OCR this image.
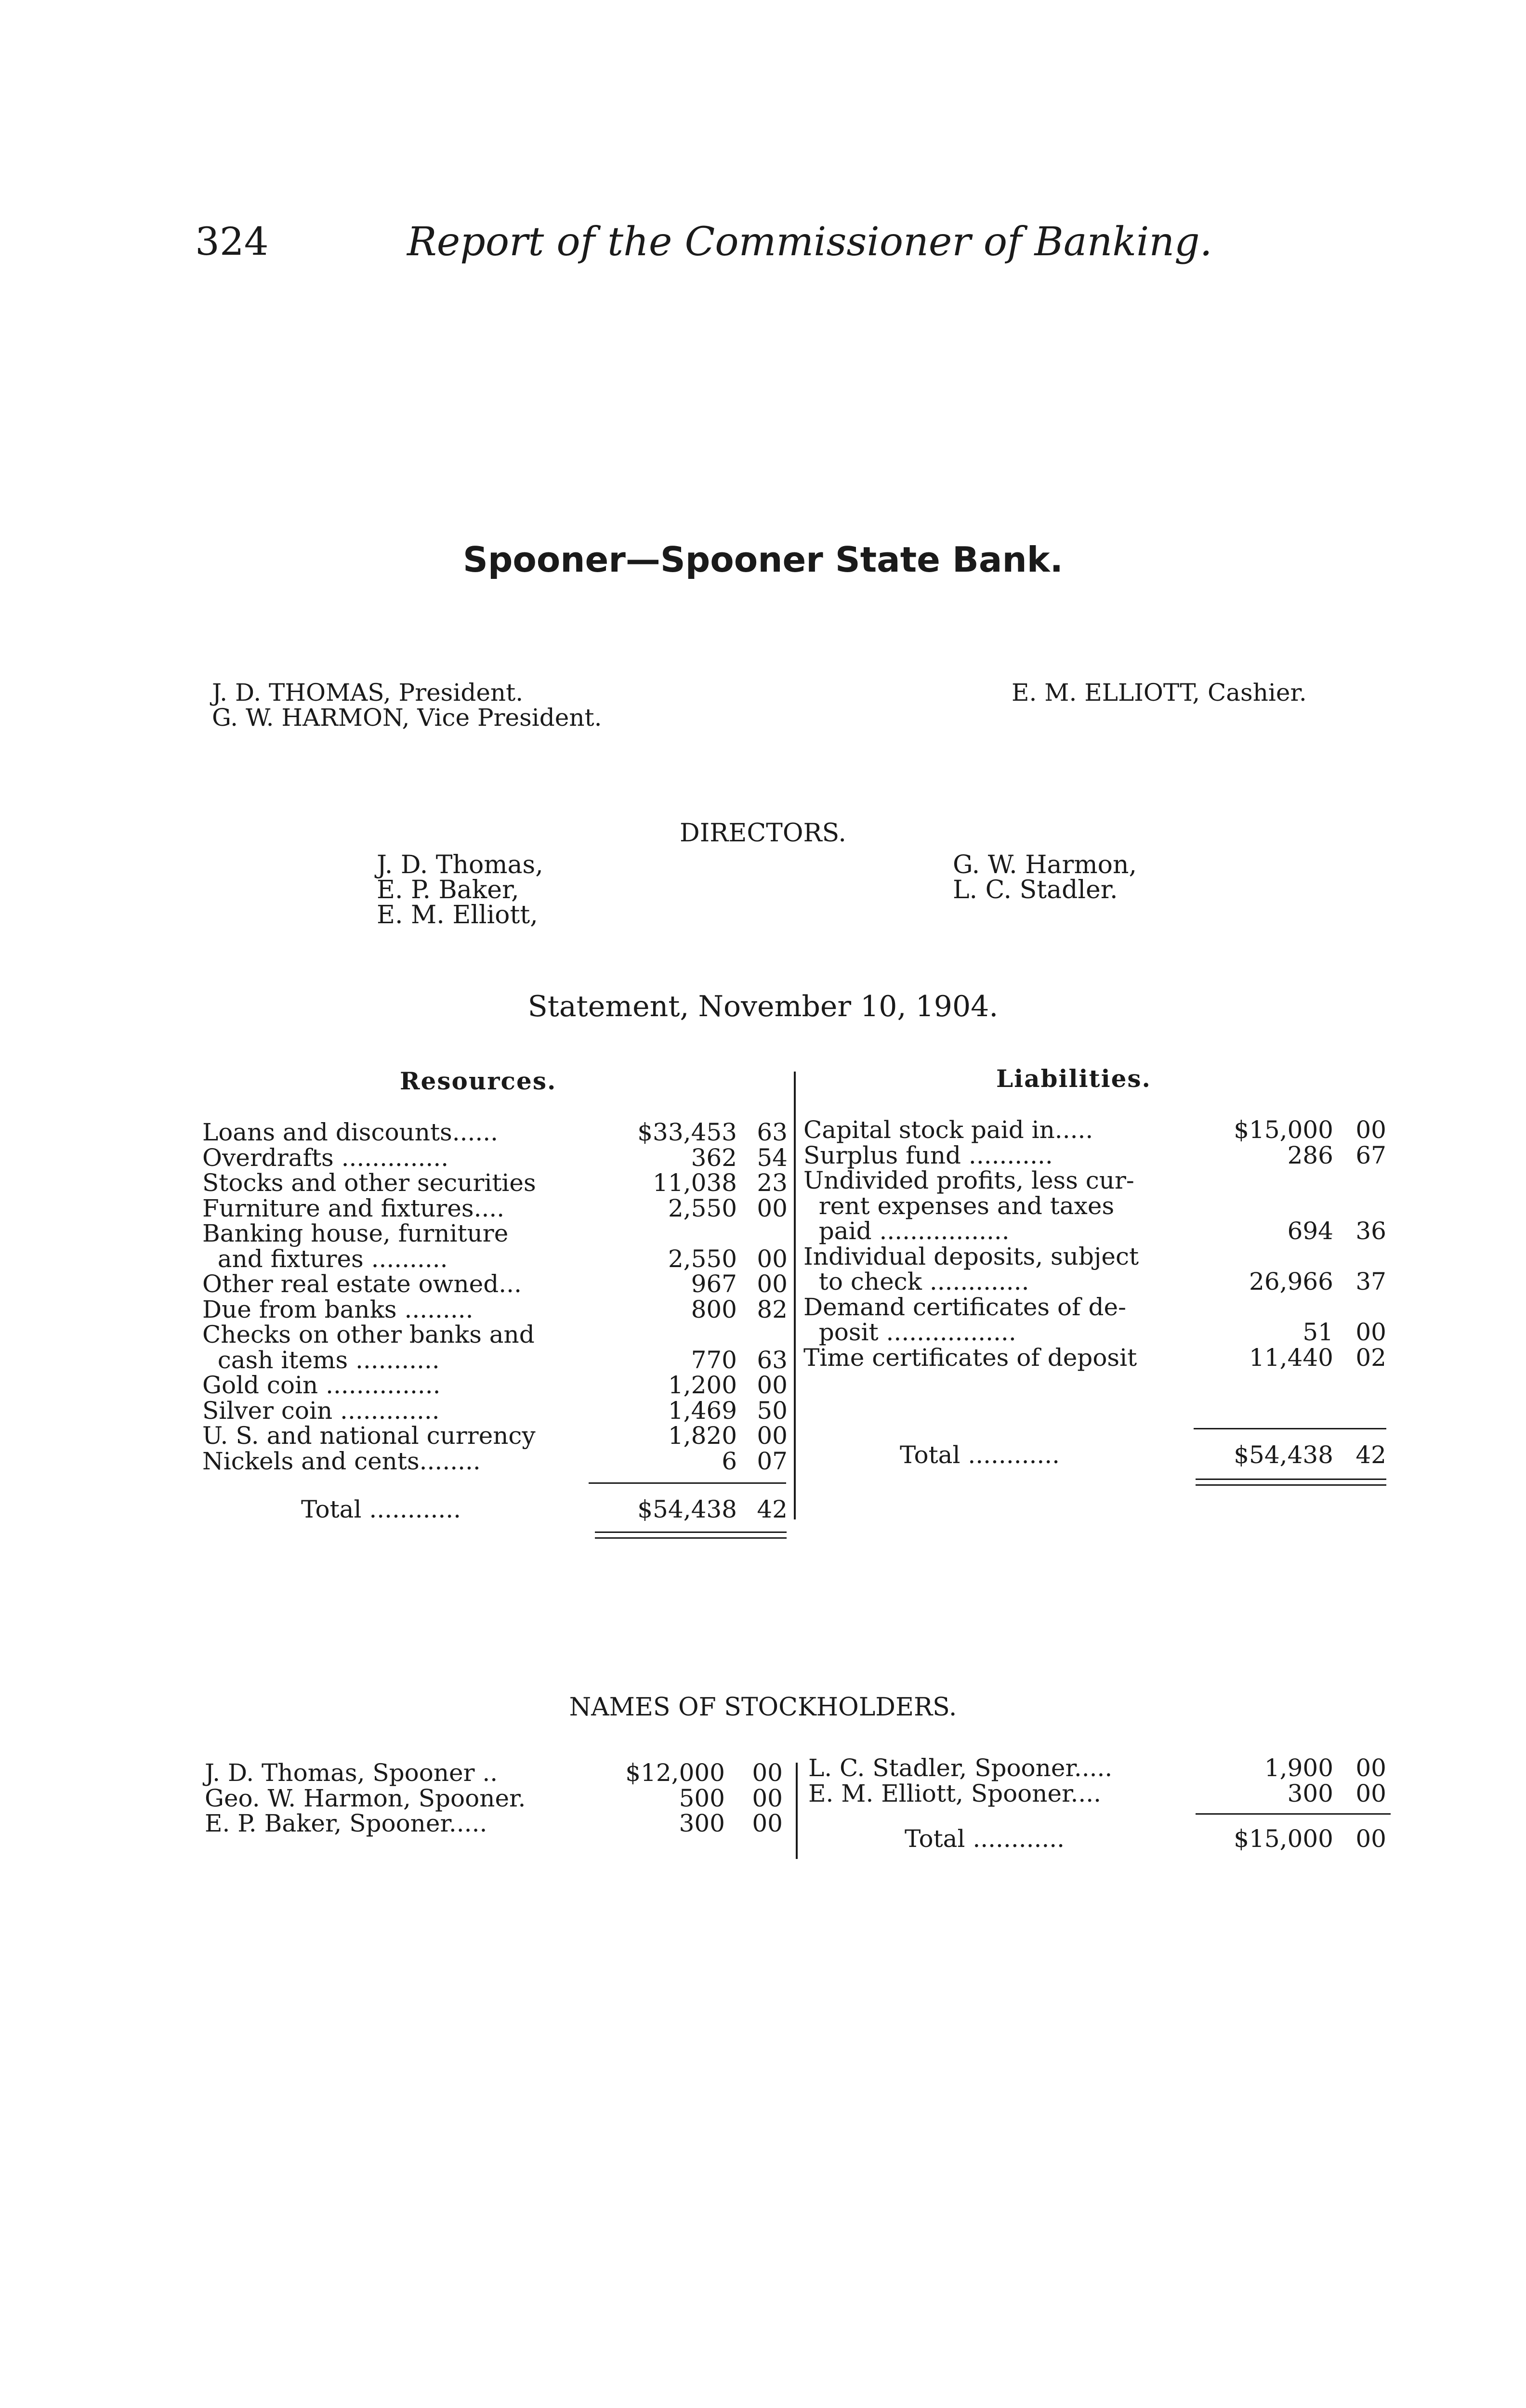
324	Report of the Commissioner of Banking.
Spooner—Spooner State Bank.
J. D. THOMAS, President.
G. W. HARMON, Vice President.
E. M. ELLIOTT, Cashier.
DIRECTORS.
J. D. Thomas,
E. P. Baker,
E. M. Elliott,
G. W. Harmon,
L. C. Stadler.
Statement, November 10, 1904.
Resources.	Liabilities.
Loans and discounts......	$33,453 63
Overdrafts ..............	362 54
Stocks and other securities	11,038 23
Furniture and fixtures....	2,550 00
Banking house, furniture
and fixtures ..........	2,550 00
Other real estate owned...	967 00
Due from banks .........	800 82
Checks on other banks and
cash items ...........	770 63
Gold coin ...............	1,200 00
Silver coin .............	1,469 50
U. S. and national currency	1,820 00
Nickels and cents........	6 07
Total ............	$54,438 42
Capital stock paid in.....	$15,000 00
Surplus fund ...........	286 67
Undivided profits, less cur-
rent expenses and taxes
paid .................	694 36
Individual deposits, subject
to check .............	26,966 37
Demand certificates of de-
posit .................	51 00
Time certificates of deposit	11,440 02
Total ............	$54,438 42
NAMES OF STOCKHOLDERS.
J. D. Thomas, Spooner ..	$12,000	00
Geo. W. Harmon, Spooner.	500	00
E. P. Baker, Spooner.....	300	00
L. C. Stadler, Spooner.....	1,900 00
E. M. Elliott, Spooner....	300 00
Total ............	$15,000 00
